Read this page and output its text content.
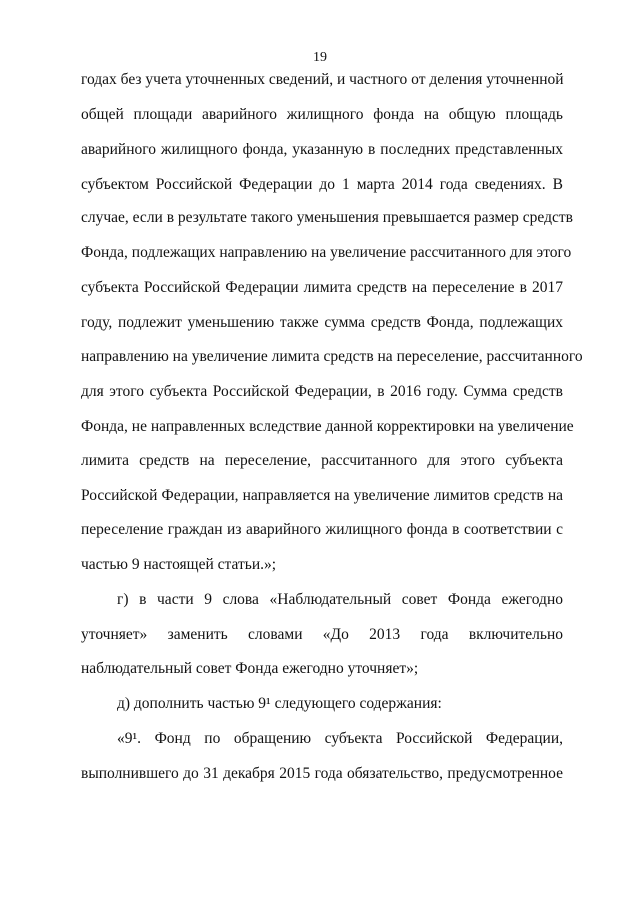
19
годах без учета уточненных сведений, и частного от деления уточненной
общей площади аварийного жилищного фонда на общую площадь
аварийного жилищного фонда, указанную в последних представленных
субъектом Российской Федерации до 1 марта 2014 года сведениях. В
случае, если в результате такого уменьшения превышается размер средств
Фонда, подлежащих направлению на увеличение рассчитанного для этого
субъекта Российской Федерации лимита средств на переселение в 2017
году, подлежит уменьшению также сумма средств Фонда, подлежащих
направлению на увеличение лимита средств на переселение, рассчитанного
для этого субъекта Российской Федерации, в 2016 году. Сумма средств
Фонда, не направленных вследствие данной корректировки на увеличение
лимита средств на переселение, рассчитанного для этого субъекта
Российской Федерации, направляется на увеличение лимитов средств на
переселение граждан из аварийного жилищного фонда в соответствии с
частью 9 настоящей статьи.»;
г) в части 9 слова «Наблюдательный совет Фонда ежегодно
уточняет» заменить словами «До 2013 года включительно
наблюдательный совет Фонда ежегодно уточняет»;
д) дополнить частью 9¹ следующего содержания:
«9¹. Фонд по обращению субъекта Российской Федерации,
выполнившего до 31 декабря 2015 года обязательство, предусмотренное
